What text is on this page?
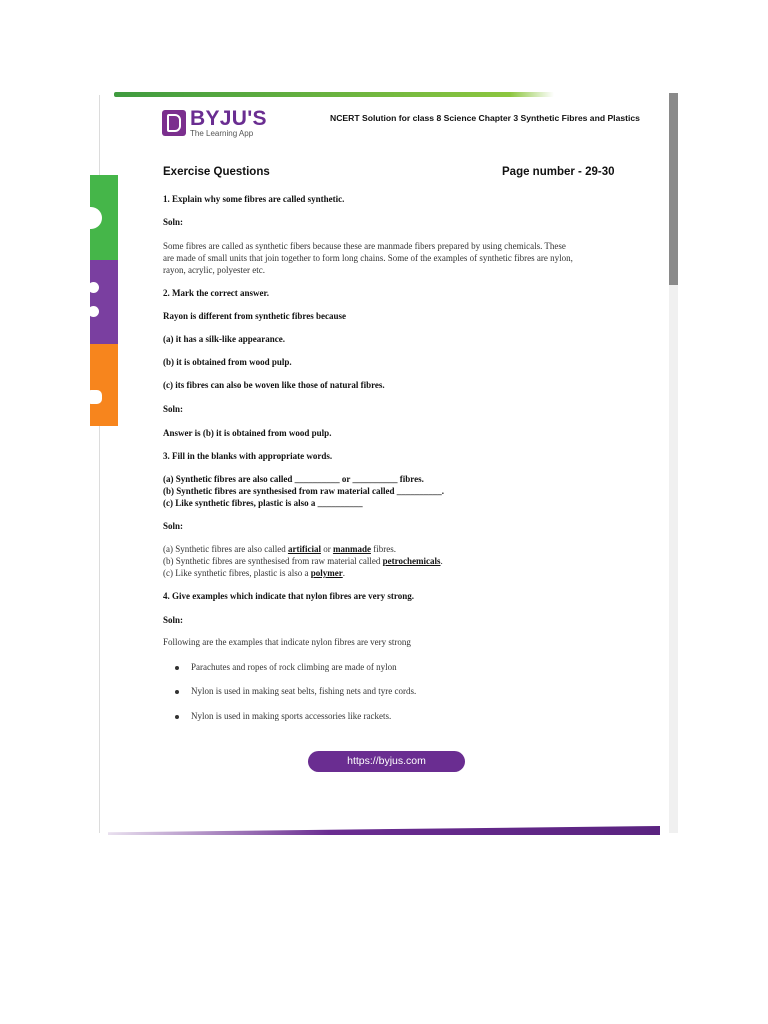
BYJU'S
The Learning App
NCERT Solution for class 8 Science Chapter 3 Synthetic Fibres and Plastics
Exercise Questions	Page number - 29-30
1. Explain why some fibres are called synthetic.
Soln:
Some fibres are called as synthetic fibers because these are manmade fibers prepared by using chemicals. These
are made of small units that join together to form long chains. Some of the examples of synthetic fibres are nylon,
rayon, acrylic, polyester etc.
2. Mark the correct answer.
Rayon is different from synthetic fibres because
(a) it has a silk-like appearance.
(b) it is obtained from wood pulp.
(c) its fibres can also be woven like those of natural fibres.
Soln:
Answer is (b) it is obtained from wood pulp.
3. Fill in the blanks with appropriate words.
(a) Synthetic fibres are also called __________ or __________ fibres.
(b) Synthetic fibres are synthesised from raw material called __________.
(c) Like synthetic fibres, plastic is also a __________
Soln:
(a) Synthetic fibres are also called artificial or manmade fibres.
(b) Synthetic fibres are synthesised from raw material called petrochemicals.
(c) Like synthetic fibres, plastic is also a polymer.
4. Give examples which indicate that nylon fibres are very strong.
Soln:
Following are the examples that indicate nylon fibres are very strong
Parachutes and ropes of rock climbing are made of nylon
Nylon is used in making seat belts, fishing nets and tyre cords.
Nylon is used in making sports accessories like rackets.
https://byjus.com
